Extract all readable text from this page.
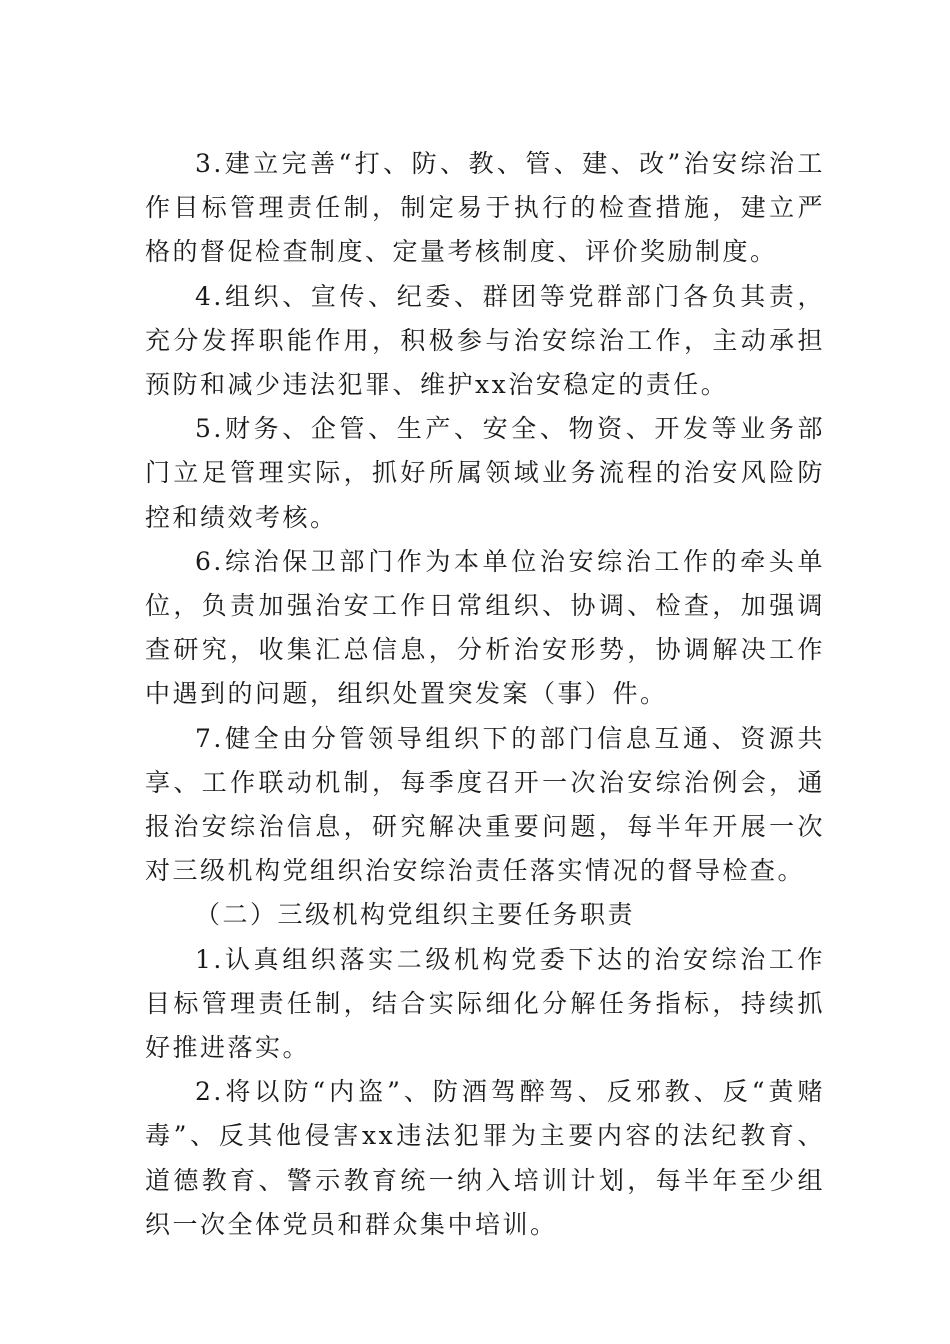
3.建立完善“打、防、教、管、建、改”治安综治工作目标管理责任制，制定易于执行的检查措施，建立严格的督促检查制度、定量考核制度、评价奖励制度。

4.组织、宣传、纪委、群团等党群部门各负其责，充分发挥职能作用，积极参与治安综治工作，主动承担预防和减少违法犯罪、维护xx治安稳定的责任。

5.财务、企管、生产、安全、物资、开发等业务部门立足管理实际，抓好所属领域业务流程的治安风险防控和绩效考核。

6.综治保卫部门作为本单位治安综治工作的牵头单位，负责加强治安工作日常组织、协调、检查，加强调查研究，收集汇总信息，分析治安形势，协调解决工作中遇到的问题，组织处置突发案（事）件。

7.健全由分管领导组织下的部门信息互通、资源共享、工作联动机制，每季度召开一次治安综治例会，通报治安综治信息，研究解决重要问题，每半年开展一次对三级机构党组织治安综治责任落实情况的督导检查。

（二）三级机构党组织主要任务职责

1.认真组织落实二级机构党委下达的治安综治工作目标管理责任制，结合实际细化分解任务指标，持续抓好推进落实。

2.将以防“内盗”、防酒驾醉驾、反邪教、反“黄赌毒”、反其他侵害xx违法犯罪为主要内容的法纪教育、道德教育、警示教育统一纳入培训计划，每半年至少组织一次全体党员和群众集中培训。
